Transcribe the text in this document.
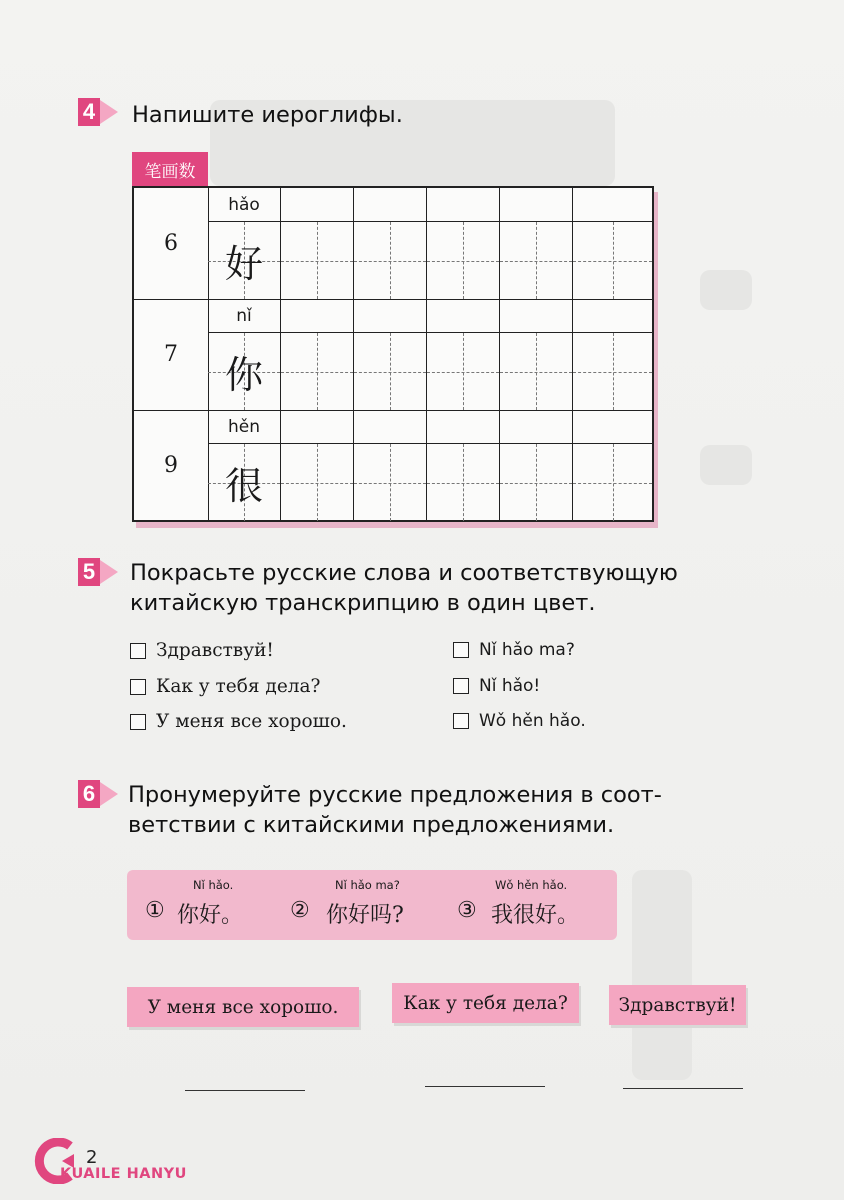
4 Напишите иероглифы.
笔画数
6
hǎo
好
7
nǐ
你
9
hěn
很
5 Покрасьте русские слова и соответствующую
китайскую транскрипцию в один цвет.
Здравствуй!
Как у тебя дела?
У меня все хорошо.
Nǐ hǎo ma?
Nǐ hǎo!
Wǒ hěn hǎo.
6 Пронумеруйте русские предложения в соот-
ветствии с китайскими предложениями.
Nǐ hǎo.
① 你好。
Nǐ hǎo ma?
② 你好吗?
Wǒ hěn hǎo.
③ 我很好。
У меня все хорошо.	Как у тебя дела?	Здравствуй!
2
KUAILE HANYU
